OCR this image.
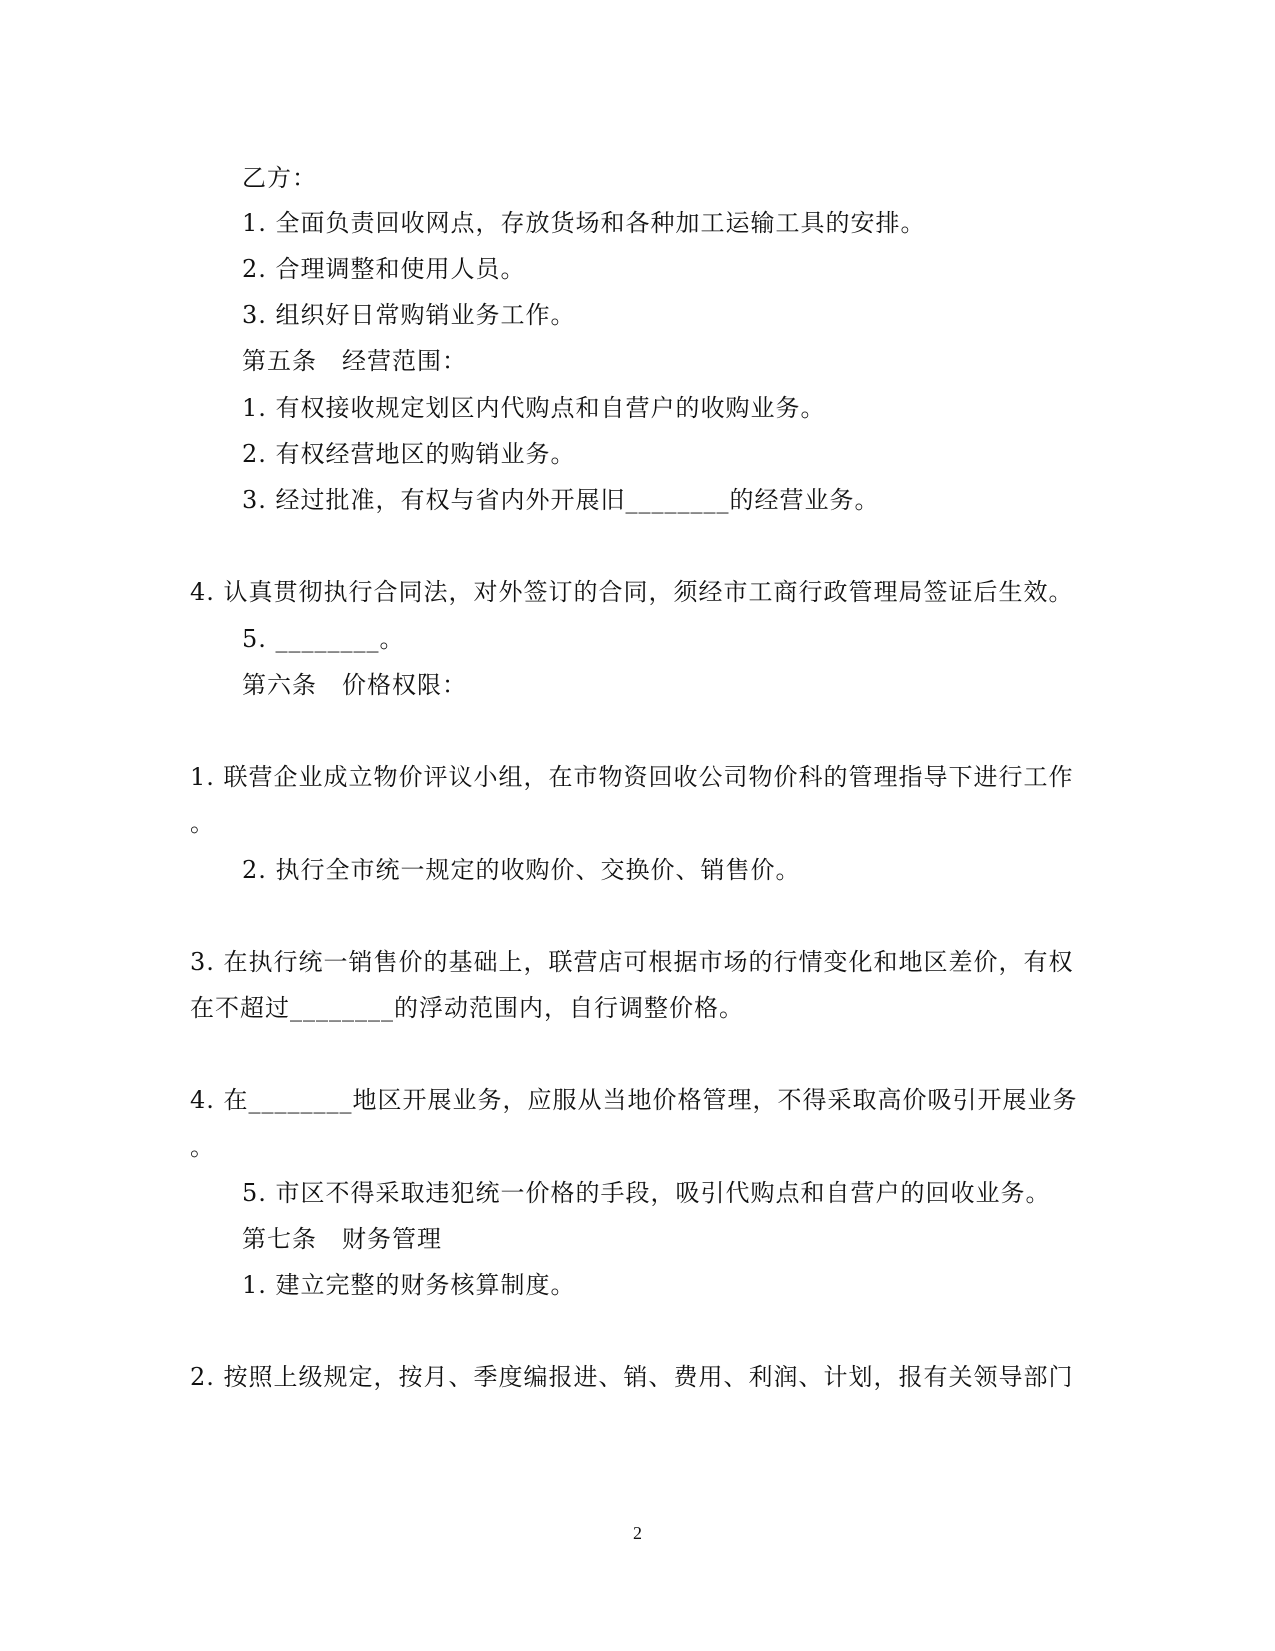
乙方：
1. 全面负责回收网点，存放货场和各种加工运输工具的安排。
2. 合理调整和使用人员。
3. 组织好日常购销业务工作。
第五条　经营范围：
1. 有权接收规定划区内代购点和自营户的收购业务。
2. 有权经营地区的购销业务。
3. 经过批准，有权与省内外开展旧________的经营业务。
4. 认真贯彻执行合同法，对外签订的合同，须经市工商行政管理局签证后生效。
5. ________。
第六条　价格权限：
1. 联营企业成立物价评议小组，在市物资回收公司物价科的管理指导下进行工作
。
2. 执行全市统一规定的收购价、交换价、销售价。
3. 在执行统一销售价的基础上，联营店可根据市场的行情变化和地区差价，有权
在不超过________的浮动范围内，自行调整价格。
4. 在________地区开展业务，应服从当地价格管理，不得采取高价吸引开展业务
。
5. 市区不得采取违犯统一价格的手段，吸引代购点和自营户的回收业务。
第七条　财务管理
1. 建立完整的财务核算制度。
2. 按照上级规定，按月、季度编报进、销、费用、利润、计划，报有关领导部门
2
